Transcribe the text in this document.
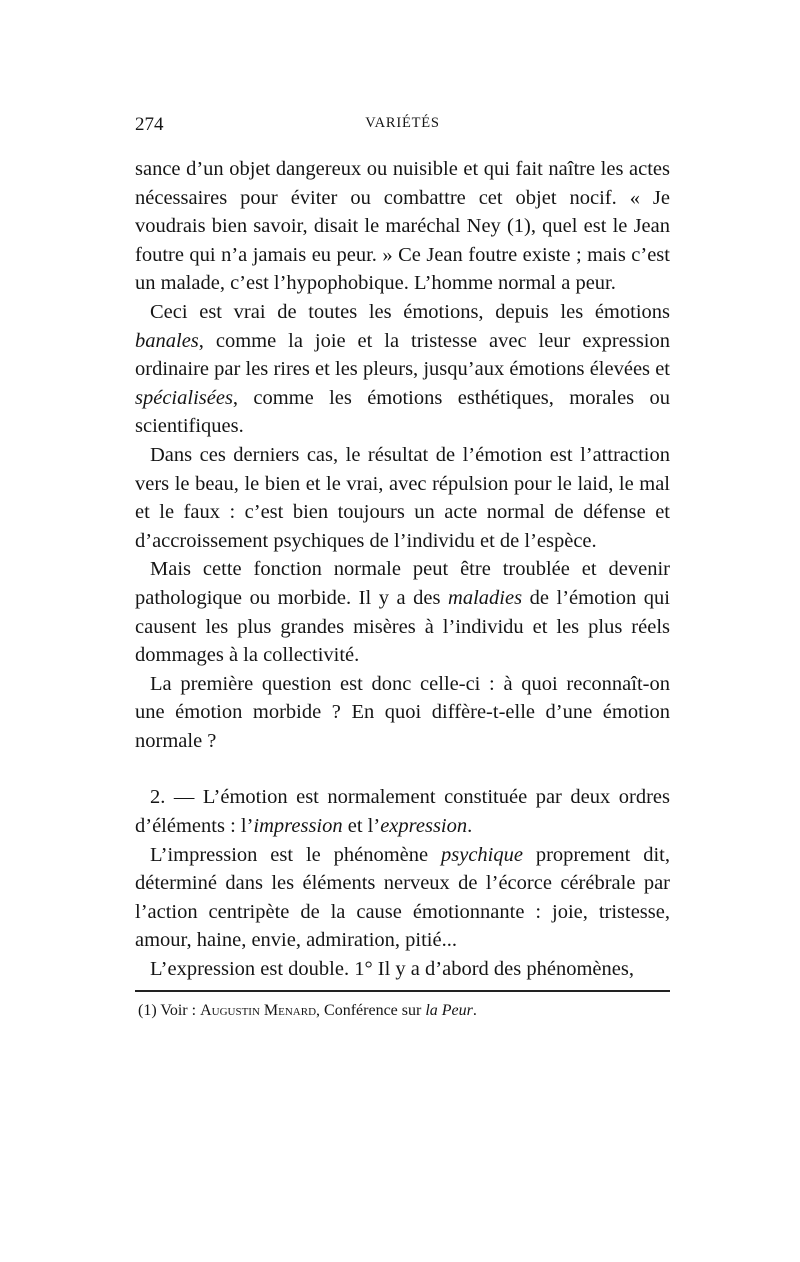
274	VARIÉTÉS

sance d’un objet dangereux ou nuisible et qui fait naître les actes nécessaires pour éviter ou combattre cet objet nocif. « Je voudrais bien savoir, disait le maréchal Ney (1), quel est le Jean foutre qui n’a jamais eu peur. » Ce Jean foutre existe ; mais c’est un malade, c’est l’hypophobique. L’homme normal a peur.

Ceci est vrai de toutes les émotions, depuis les émotions banales, comme la joie et la tristesse avec leur expression ordinaire par les rires et les pleurs, jusqu’aux émotions élevées et spécialisées, comme les émotions esthétiques, morales ou scientifiques.

Dans ces derniers cas, le résultat de l’émotion est l’attraction vers le beau, le bien et le vrai, avec répulsion pour le laid, le mal et le faux : c’est bien toujours un acte normal de défense et d’accroissement psychiques de l’individu et de l’espèce.

Mais cette fonction normale peut être troublée et devenir pathologique ou morbide. Il y a des maladies de l’émotion qui causent les plus grandes misères à l’individu et les plus réels dommages à la collectivité.

La première question est donc celle-ci : à quoi reconnaît-on une émotion morbide ? En quoi diffère-t-elle d’une émotion normale ?

2. — L’émotion est normalement constituée par deux ordres d’éléments : l’impression et l’expression.

L’impression est le phénomène psychique proprement dit, déterminé dans les éléments nerveux de l’écorce cérébrale par l’action centripète de la cause émotionnante : joie, tristesse, amour, haine, envie, admiration, pitié...

L’expression est double. 1° Il y a d’abord des phénomènes,

(1) Voir : Augustin Menard, Conférence sur la Peur.
